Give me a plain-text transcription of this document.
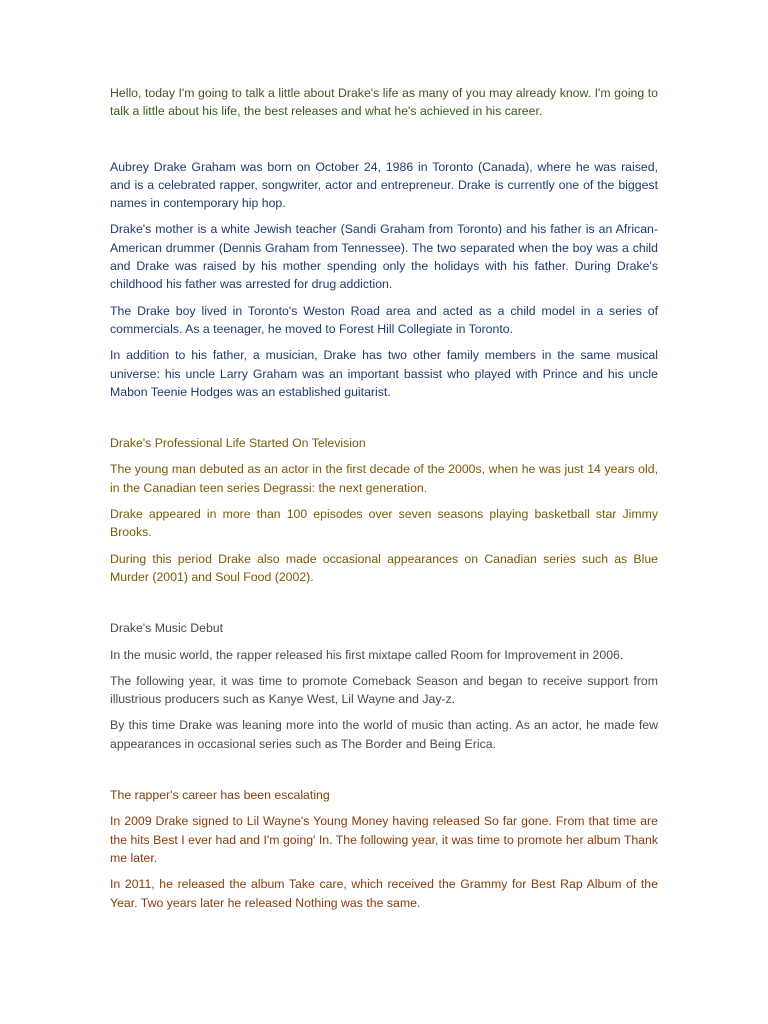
Hello, today I'm going to talk a little about Drake's life as many of you may already know. I'm going to talk a little about his life, the best releases and what he's achieved in his career.

Aubrey Drake Graham was born on October 24, 1986 in Toronto (Canada), where he was raised, and is a celebrated rapper, songwriter, actor and entrepreneur. Drake is currently one of the biggest names in contemporary hip hop.

Drake's mother is a white Jewish teacher (Sandi Graham from Toronto) and his father is an African-American drummer (Dennis Graham from Tennessee). The two separated when the boy was a child and Drake was raised by his mother spending only the holidays with his father. During Drake's childhood his father was arrested for drug addiction.

The Drake boy lived in Toronto's Weston Road area and acted as a child model in a series of commercials. As a teenager, he moved to Forest Hill Collegiate in Toronto.

In addition to his father, a musician, Drake has two other family members in the same musical universe: his uncle Larry Graham was an important bassist who played with Prince and his uncle Mabon Teenie Hodges was an established guitarist.

Drake's Professional Life Started On Television

The young man debuted as an actor in the first decade of the 2000s, when he was just 14 years old, in the Canadian teen series Degrassi: the next generation.

Drake appeared in more than 100 episodes over seven seasons playing basketball star Jimmy Brooks.

During this period Drake also made occasional appearances on Canadian series such as Blue Murder (2001) and Soul Food (2002).

Drake's Music Debut

In the music world, the rapper released his first mixtape called Room for Improvement in 2006.

The following year, it was time to promote Comeback Season and began to receive support from illustrious producers such as Kanye West, Lil Wayne and Jay-z.

By this time Drake was leaning more into the world of music than acting. As an actor, he made few appearances in occasional series such as The Border and Being Erica.

The rapper's career has been escalating

In 2009 Drake signed to Lil Wayne's Young Money having released So far gone. From that time are the hits Best I ever had and I'm going' In. The following year, it was time to promote her album Thank me later.

In 2011, he released the album Take care, which received the Grammy for Best Rap Album of the Year. Two years later he released Nothing was the same.
